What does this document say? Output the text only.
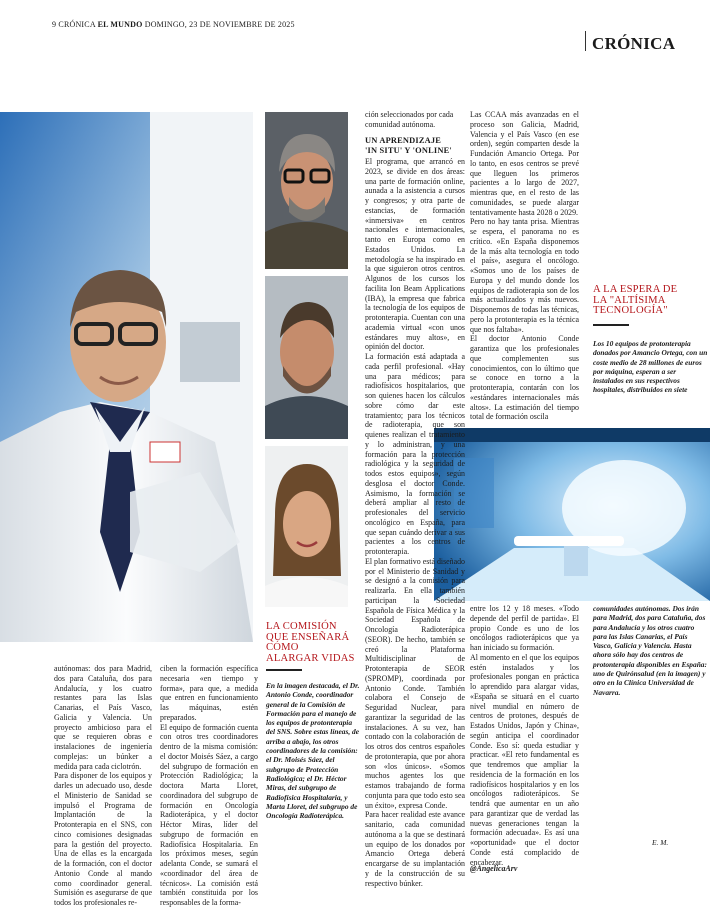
9 CRÓNICA EL MUNDO DOMINGO, 23 DE NOVIEMBRE DE 2025
CRÓNICA
ción seleccionados por cada
comunidad autónoma.
UN APRENDIZAJE
'IN SITU' Y 'ONLINE'
El programa, que arrancó en 2023, se divide en dos áreas: una parte de formación online, aunada a la asistencia a cursos y congresos; y otra parte de estancias, de formación «inmersiva» en centros nacionales e internacionales, tanto en Europa como en Estados Unidos. La metodología se ha inspirado en la que siguieron otros centros. Algunos de los cursos los facilita Ion Beam Applications (IBA), la empresa que fabrica la tecnología de los equipos de protonterapia. Cuentan con una academia virtual «con unos estándares muy altos», en opinión del doctor.
La formación está adaptada a cada perfil profesional. «Hay una para médicos; para radiofísicos hospitalarios, que son quienes hacen los cálculos sobre cómo dar este tratamiento; para los técnicos de radioterapia, que son quienes realizan el tratamiento y lo administran, y una formación para la protección radiológica y la seguridad de todos estos equipos», según desglosa el doctor Conde. Asimismo, la formación se deberá ampliar al resto de profesionales del servicio oncológico en España, para que sepan cuándo derivar a sus pacientes a los centros de protonterapia.
El plan formativo está diseñado por el Ministerio de Sanidad y se designó a la comisión para realizarla. En ella también participan la Sociedad Española de Física Médica y la Sociedad Española de Oncología Radioterápica (SEOR). De hecho, también se creó la Plataforma Multidisciplinar de Protonterapia de SEOR (SPROMP), coordinada por Antonio Conde. También colabora el Consejo de Seguridad Nuclear, para garantizar la seguridad de las instalaciones. A su vez, han contado con la colaboración de los otros dos centros españoles de protonterapia, que por ahora son «los únicos». «Somos muchos agentes los que estamos trabajando de forma conjunta para que todo esto sea un éxito», expresa Conde.
Para hacer realidad este avance sanitario, cada comunidad autónoma a la que se destinará un equipo de los donados por Amancio Ortega deberá encargarse de su implantación y de la construcción de su respectivo búnker.
Las CCAA más avanzadas en el proceso son Galicia, Madrid, Valencia y el País Vasco (en ese orden), según comparten desde la Fundación Amancio Ortega. Por lo tanto, en esos centros se prevé que lleguen los primeros pacientes a lo largo de 2027, mientras que, en el resto de las comunidades, se puede alargar tentativamente hasta 2028 o 2029.
Pero no hay tanta prisa. Mientras se espera, el panorama no es crítico. «En España disponemos de la más alta tecnología en todo el país», asegura el oncólogo. «Somos uno de los países de Europa y del mundo donde los equipos de radioterapia son de los más actualizados y más nuevos. Disponemos de todas las técnicas, pero la protonterapia es la técnica que nos faltaba».
El doctor Antonio Conde garantiza que los profesionales que complementen sus conocimientos, con lo último que se conoce en torno a la protonterapia, contarán con los «estándares internacionales más altos». La estimación del tiempo total de formación oscila
entre los 12 y 18 meses. «Todo depende del perfil de partida». El propio Conde es uno de los oncólogos radioterápicos que ya han iniciado su formación.
Al momento en el que los equipos estén instalados y los profesionales pongan en práctica lo aprendido para alargar vidas, «España se situará en el cuarto nivel mundial en número de centros de protones, después de Estados Unidos, Japón y China», según anticipa el coordinador Conde. Eso sí: queda estudiar y practicar. «El reto fundamental es que tendremos que ampliar la residencia de la formación en los radiofísicos hospitalarios y en los oncólogos radioterápicos. Se tendrá que aumentar en un año para garantizar que de verdad las nuevas generaciones tengan la formación adecuada». Es así una «oportunidad» que el doctor Conde está complacido de encabezar.
@AngelicaArv
A LA ESPERA DE
LA "ALTÍSIMA
TECNOLOGÍA"
Los 10 equipos de protonterapia donados por Amancio Ortega, con un coste medio de 28 millones de euros por máquina, esperan a ser instalados en sus respectivos hospitales, distribuidos en siete
comunidades autónomas. Dos irán para Madrid, dos para Cataluña, dos para Andalucía y los otros cuatro para las Islas Canarias, el País Vasco, Galicia y Valencia. Hasta ahora sólo hay dos centros de protonterapia disponibles en España: uno de Quirónsalud (en la imagen) y otro en la Clínica Universidad de Navarra.
E. M.
autónomas: dos para Madrid, dos para Cataluña, dos para Andalucía, y los cuatro restantes para las Islas Canarias, el País Vasco, Galicia y Valencia. Un proyecto ambicioso para el que se requieren obras e instalaciones de ingeniería complejas: un búnker a medida para cada ciclotrón.
Para disponer de los equipos y darles un adecuado uso, desde el Ministerio de Sanidad se impulsó el Programa de Implantación de la Protonterapia en el SNS, con cinco comisiones designadas para la gestión del proyecto. Una de ellas es la encargada de la formación, con el doctor Antonio Conde al mando como coordinador general. Sumisión es asegurarse de que todos los profesionales re-
ciben la formación específica necesaria «en tiempo y forma», para que, a medida que entren en funcionamiento las máquinas, estén preparados.
El equipo de formación cuenta con otros tres coordinadores dentro de la misma comisión: el doctor Moisés Sáez, a cargo del subgrupo de formación en Protección Radiológica; la doctora Marta Lloret, coordinadora del subgrupo de formación en Oncología Radioterápica, y el doctor Héctor Miras, líder del subgrupo de formación en Radiofísica Hospitalaria. En los próximos meses, según adelanta Conde, se sumará el «coordinador del área de técnicos». La comisión está también constituida por los responsables de la forma-
LA COMISIÓN
QUE ENSEÑARÁ
CÓMO
ALARGAR VIDAS
En la imagen destacada, el Dr. Antonio Conde, coordinador general de la Comisión de Formación para el manejo de los equipos de protonterapia del SNS. Sobre estas líneas, de arriba a abajo, los otros coordinadores de la comisión: el Dr. Moisés Sáez, del subgrupo de Protección Radiológica; el Dr. Héctor Miras, del subgrupo de Radiofísica Hospitalaria, y Marta Lloret, del subgrupo de Oncología Radioterápica.
